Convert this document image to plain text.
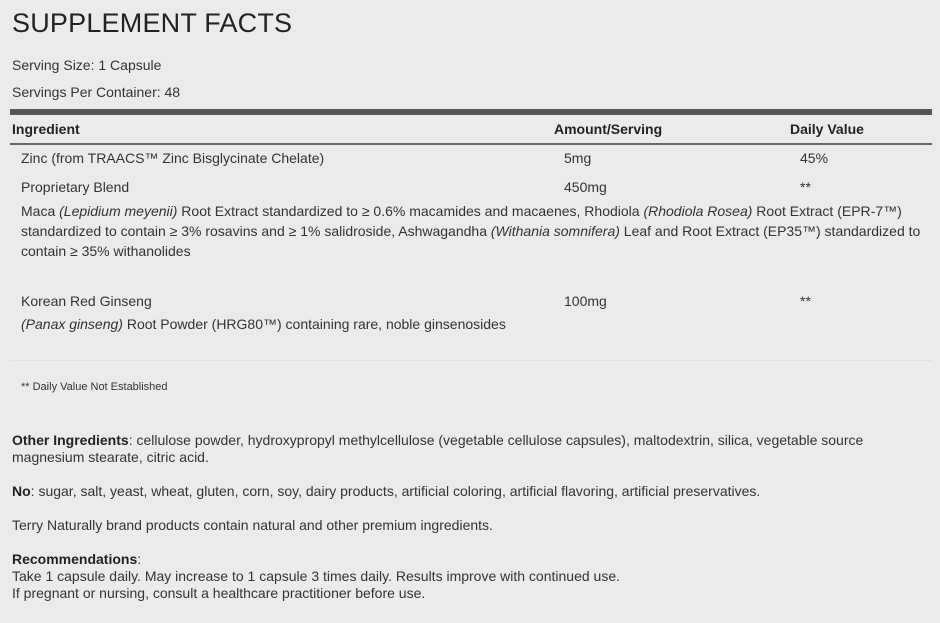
SUPPLEMENT FACTS
Serving Size: 1 Capsule
Servings Per Container: 48
Ingredient	Amount/Serving	Daily Value
Zinc (from TRAACS™ Zinc Bisglycinate Chelate)	5mg	45%
Proprietary Blend	450mg	**
Maca (Lepidium meyenii) Root Extract standardized to ≥ 0.6% macamides and macaenes, Rhodiola (Rhodiola Rosea) Root Extract (EPR-7™) standardized to contain ≥ 3% rosavins and ≥ 1% salidroside, Ashwagandha (Withania somnifera) Leaf and Root Extract (EP35™) standardized to contain ≥ 35% withanolides
Korean Red Ginseng	100mg	**
(Panax ginseng) Root Powder (HRG80™) containing rare, noble ginsenosides
** Daily Value Not Established
Other Ingredients: cellulose powder, hydroxypropyl methylcellulose (vegetable cellulose capsules), maltodextrin, silica, vegetable source magnesium stearate, citric acid.
No: sugar, salt, yeast, wheat, gluten, corn, soy, dairy products, artificial coloring, artificial flavoring, artificial preservatives.
Terry Naturally brand products contain natural and other premium ingredients.
Recommendations:
Take 1 capsule daily. May increase to 1 capsule 3 times daily. Results improve with continued use.
If pregnant or nursing, consult a healthcare practitioner before use.
